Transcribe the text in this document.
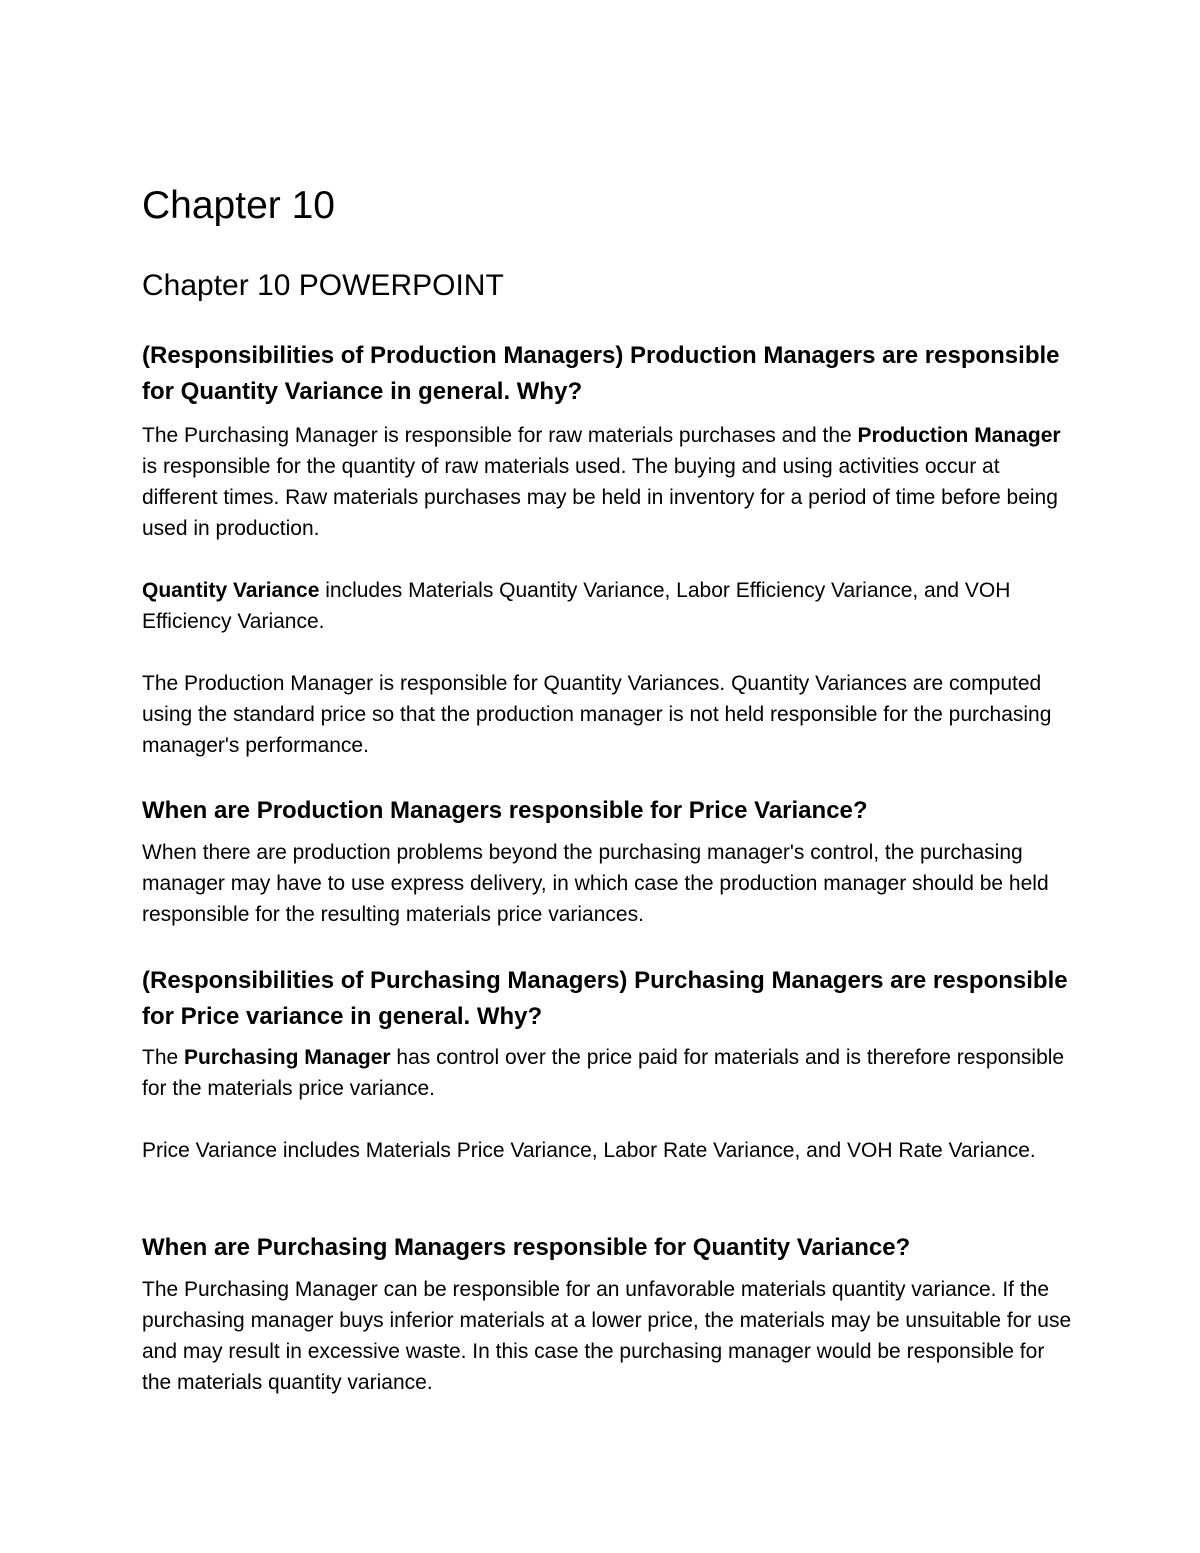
Chapter 10
Chapter 10 POWERPOINT
(Responsibilities of Production Managers) Production Managers are responsible for Quantity Variance in general. Why?

The Purchasing Manager is responsible for raw materials purchases and the Production Manager is responsible for the quantity of raw materials used. The buying and using activities occur at different times. Raw materials purchases may be held in inventory for a period of time before being used in production.

Quantity Variance includes Materials Quantity Variance, Labor Efficiency Variance, and VOH Efficiency Variance.

The Production Manager is responsible for Quantity Variances. Quantity Variances are computed using the standard price so that the production manager is not held responsible for the purchasing manager's performance.

When are Production Managers responsible for Price Variance?

When there are production problems beyond the purchasing manager's control, the purchasing manager may have to use express delivery, in which case the production manager should be held responsible for the resulting materials price variances.

(Responsibilities of Purchasing Managers) Purchasing Managers are responsible for Price variance in general. Why?

The Purchasing Manager has control over the price paid for materials and is therefore responsible for the materials price variance.

Price Variance includes Materials Price Variance, Labor Rate Variance, and VOH Rate Variance.

When are Purchasing Managers responsible for Quantity Variance?

The Purchasing Manager can be responsible for an unfavorable materials quantity variance. If the purchasing manager buys inferior materials at a lower price, the materials may be unsuitable for use and may result in excessive waste. In this case the purchasing manager would be responsible for the materials quantity variance.
